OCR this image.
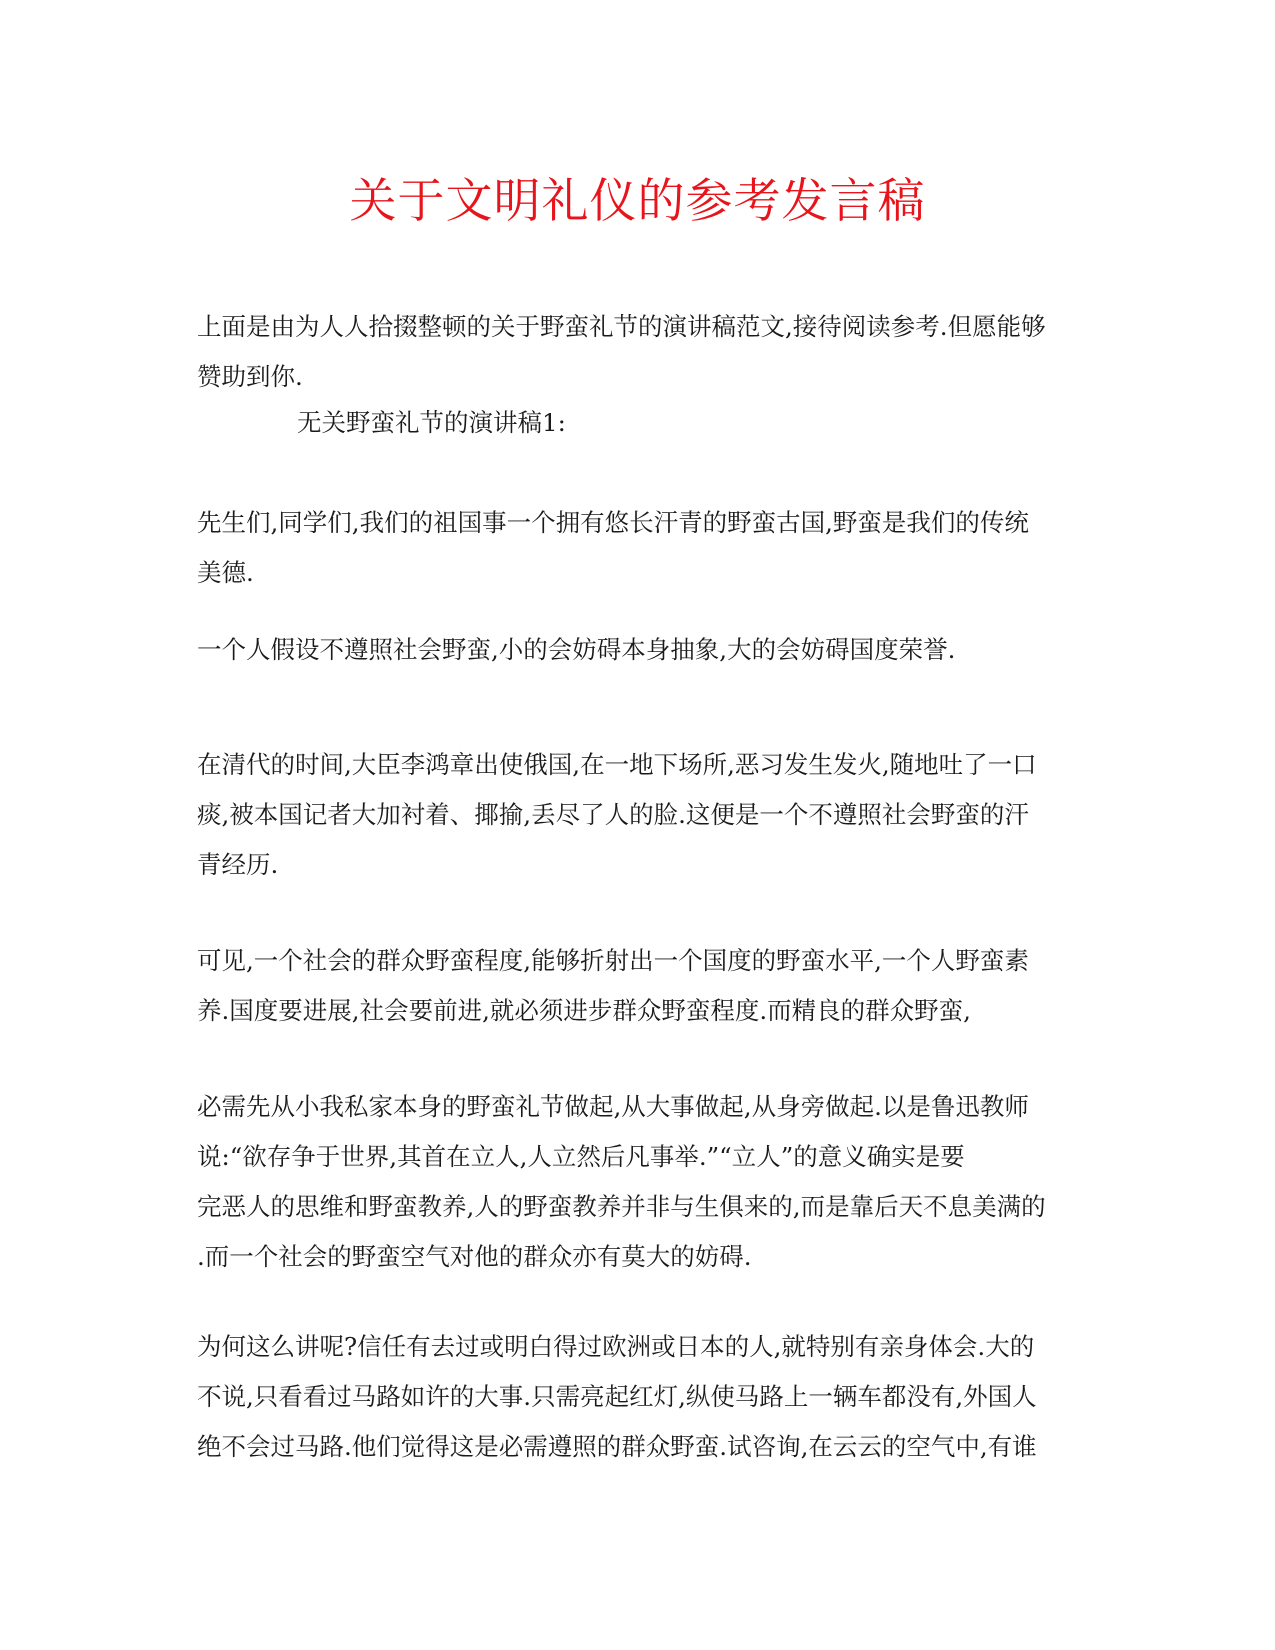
关于文明礼仪的参考发言稿
上面是由为人人拾掇整顿的关于野蛮礼节的演讲稿范文,接待阅读参考.但愿能够
赞助到你.
无关野蛮礼节的演讲稿1:
先生们,同学们,我们的祖国事一个拥有悠长汗青的野蛮古国,野蛮是我们的传统
美德.
一个人假设不遵照社会野蛮,小的会妨碍本身抽象,大的会妨碍国度荣誉.
在清代的时间,大臣李鸿章出使俄国,在一地下场所,恶习发生发火,随地吐了一口
痰,被本国记者大加衬着、揶揄,丢尽了人的脸.这便是一个不遵照社会野蛮的汗
青经历.
可见,一个社会的群众野蛮程度,能够折射出一个国度的野蛮水平,一个人野蛮素
养.国度要进展,社会要前进,就必须进步群众野蛮程度.而精良的群众野蛮,
必需先从小我私家本身的野蛮礼节做起,从大事做起,从身旁做起.以是鲁迅教师
说:“欲存争于世界,其首在立人,人立然后凡事举.”“立人”的意义确实是要
完恶人的思维和野蛮教养,人的野蛮教养并非与生俱来的,而是靠后天不息美满的
.而一个社会的野蛮空气对他的群众亦有莫大的妨碍.
为何这么讲呢?信任有去过或明白得过欧洲或日本的人,就特别有亲身体会.大的
不说,只看看过马路如许的大事.只需亮起红灯,纵使马路上一辆车都没有,外国人
绝不会过马路.他们觉得这是必需遵照的群众野蛮.试咨询,在云云的空气中,有谁
